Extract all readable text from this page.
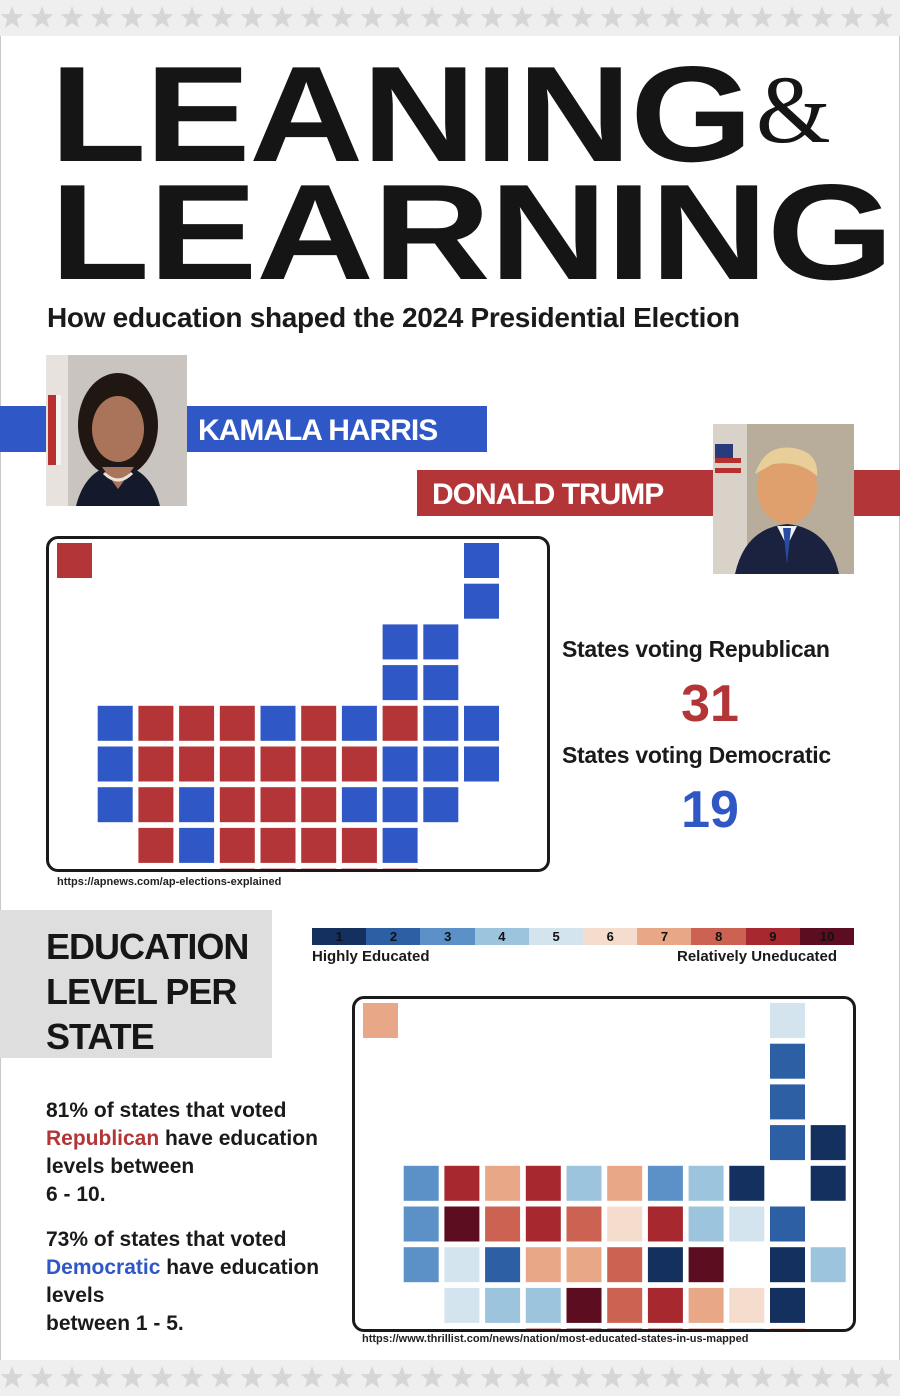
LEANING &
LEARNING
How education shaped the 2024 Presidential Election
KAMALA HARRIS
DONALD TRUMP
https://apnews.com/ap-elections-explained
States voting Republican
31
States voting Democratic
19
EDUCATION LEVEL PER STATE
1	2	3	4	5	6	7	8	9	10
Highly Educated	Relatively Uneducated
https://www.thrillist.com/news/nation/most-educated-states-in-us-mapped
81% of states that voted
Republican have education levels between
6 - 10.
73% of states that voted
Democratic have education levels
between 1 - 5.
